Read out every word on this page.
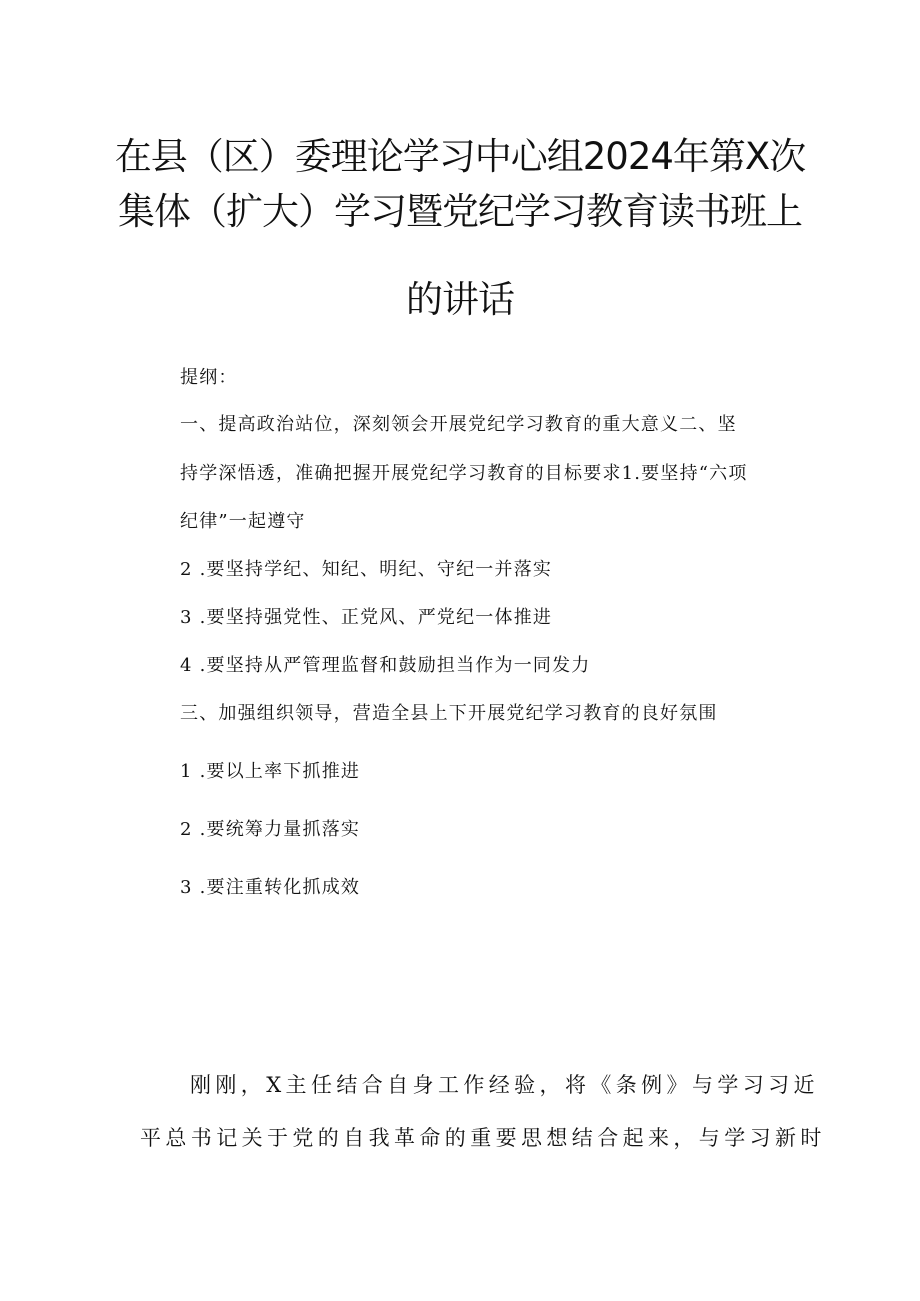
在县（区）委理论学习中心组2024年第X次
集体（扩大）学习暨党纪学习教育读书班上
的讲话
提纲：
一、提高政治站位，深刻领会开展党纪学习教育的重大意义二、坚
持学深悟透，准确把握开展党纪学习教育的目标要求1.要坚持“六项
纪律”一起遵守
2 .要坚持学纪、知纪、明纪、守纪一并落实
3 .要坚持强党性、正党风、严党纪一体推进
4 .要坚持从严管理监督和鼓励担当作为一同发力
三、加强组织领导，营造全县上下开展党纪学习教育的良好氛围
1 .要以上率下抓推进
2 .要统筹力量抓落实
3 .要注重转化抓成效
刚刚，X主任结合自身工作经验，将《条例》与学习习近
平总书记关于党的自我革命的重要思想结合起来，与学习新时
